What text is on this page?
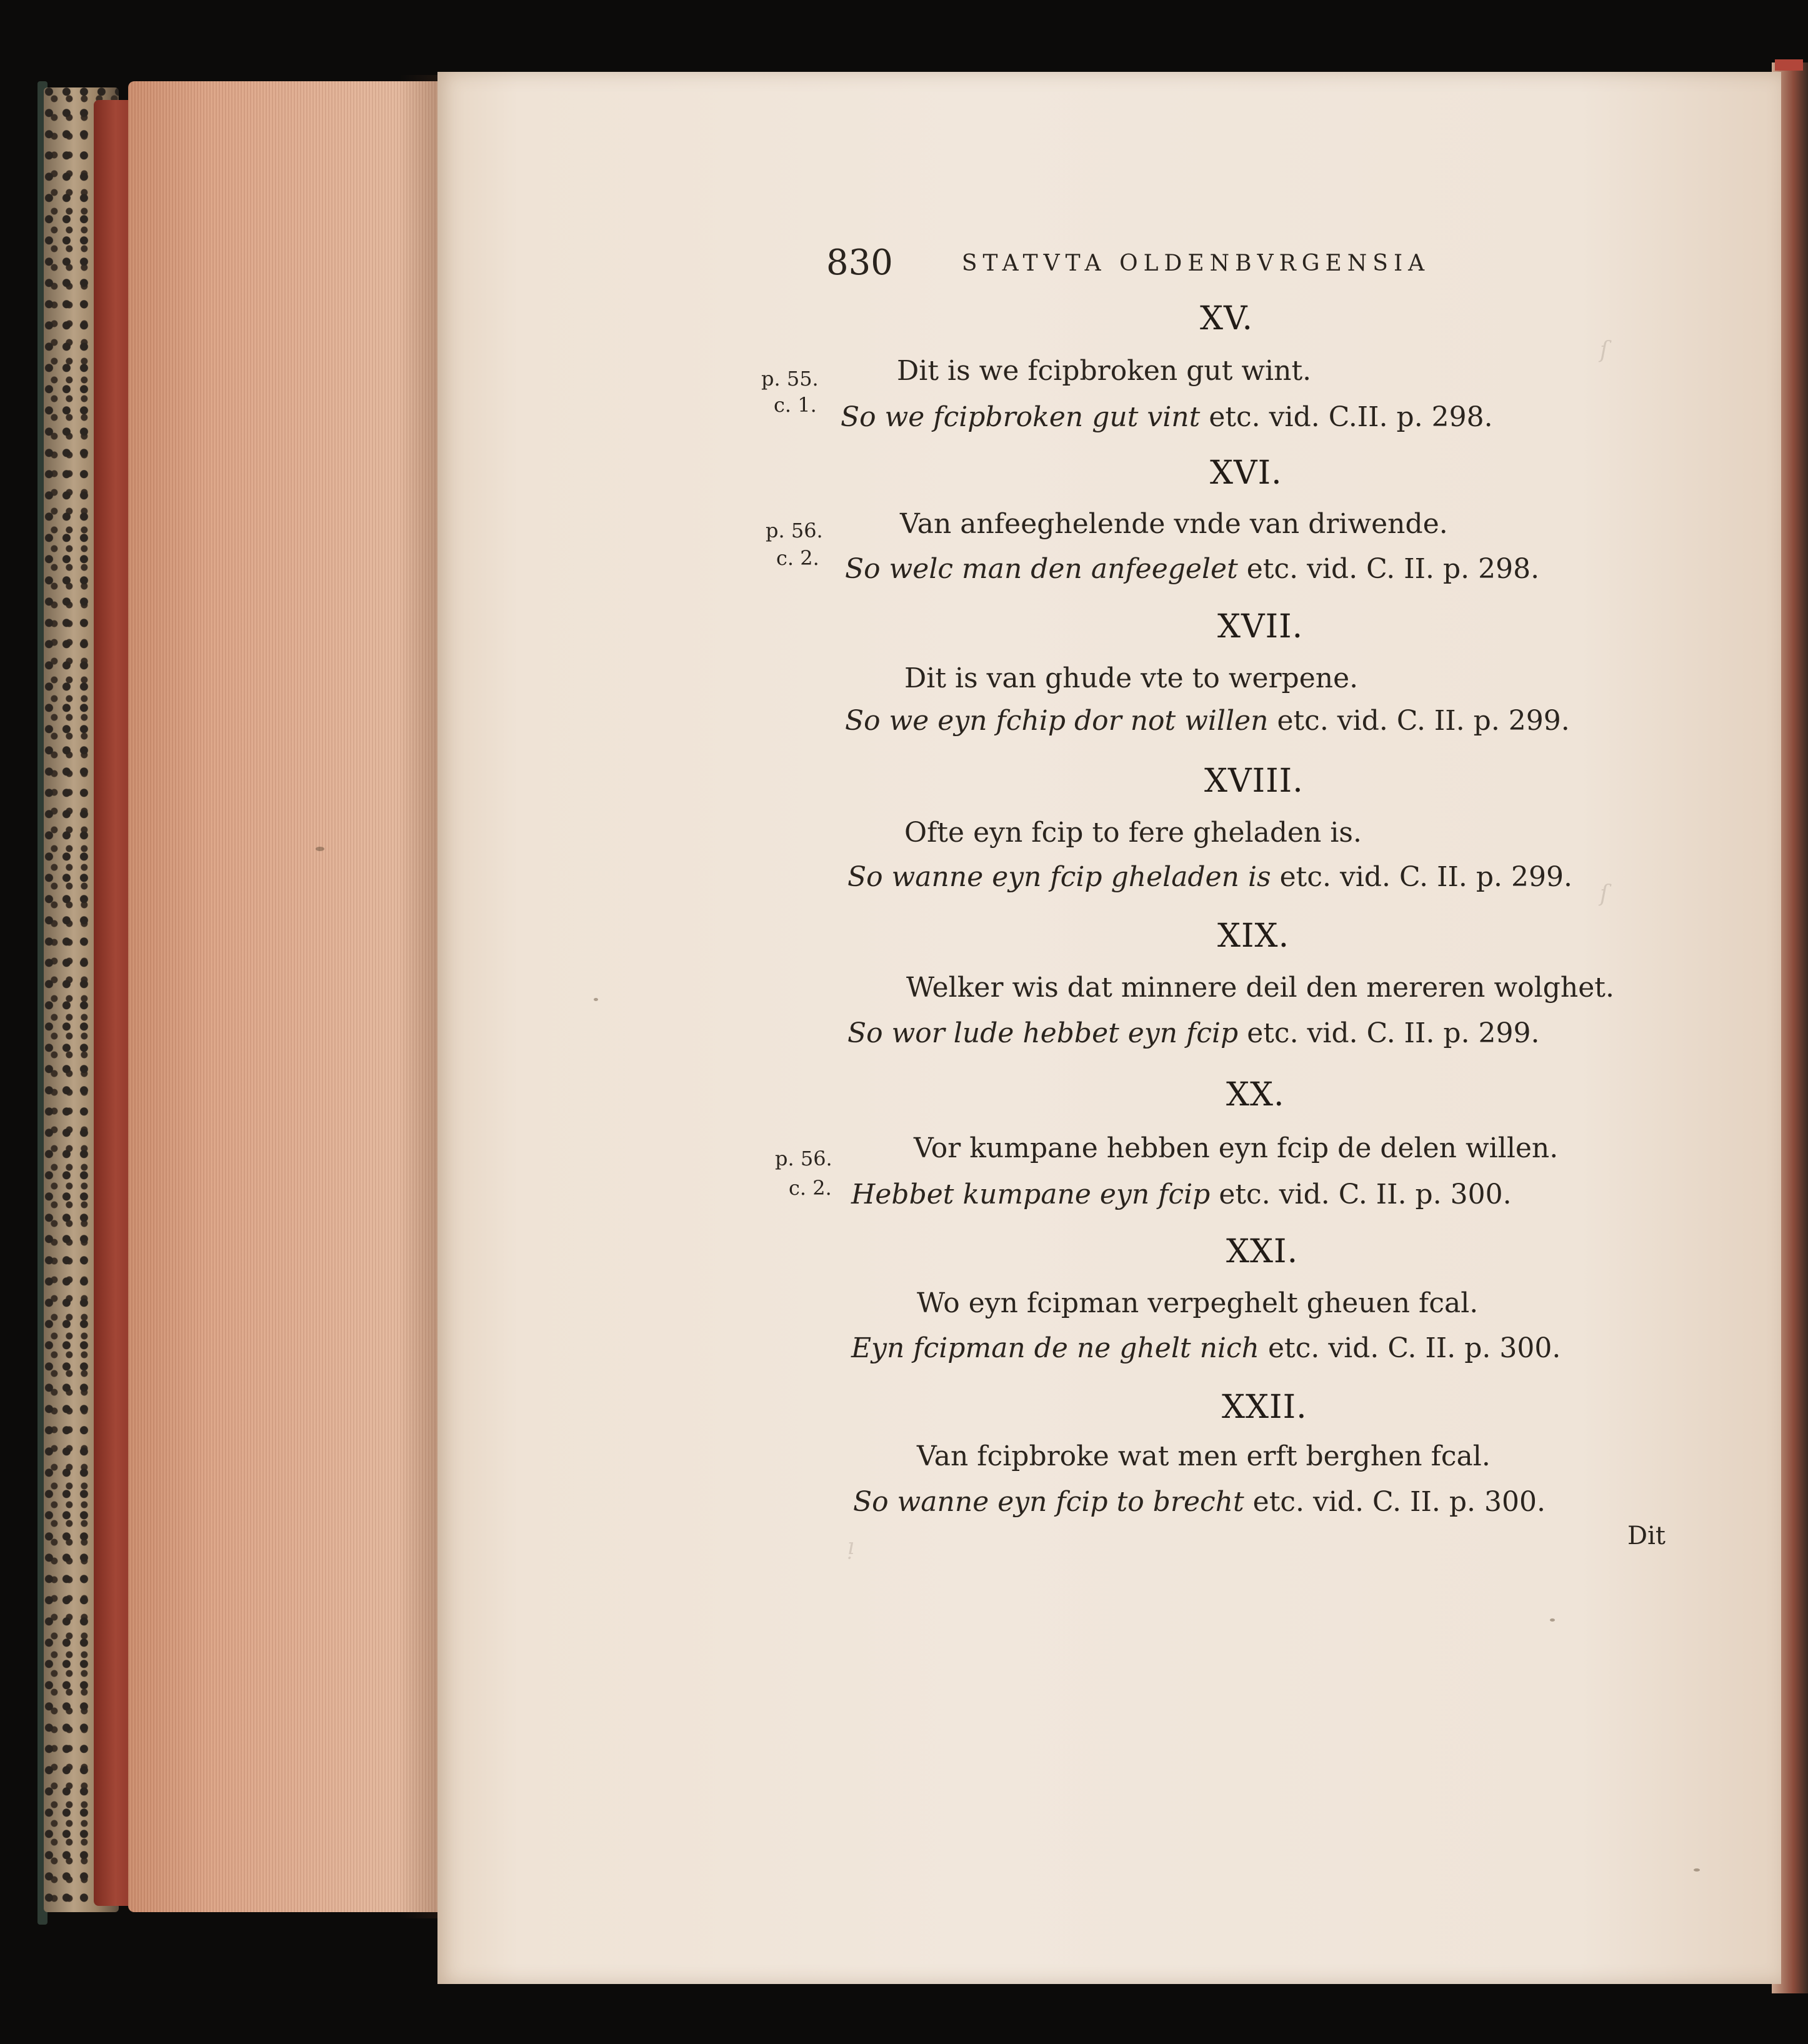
ſ
ſ
ᴉ
830	STATVTA OLDENBVRGENSIA
XV.
p. 55.
c. 1.
Dit is we fcipbroken gut wint.
So we fcipbroken gut vint etc. vid. C.II. p. 298.
XVI.
p. 56.
c. 2.
Van anfeeghelende vnde van driwende.
So welc man den anfeegelet etc. vid. C. II. p. 298.
XVII.
Dit is van ghude vte to werpene.
So we eyn fchip dor not willen etc. vid. C. II. p. 299.
XVIII.
Ofte eyn fcip to fere gheladen is.
So wanne eyn fcip gheladen is etc. vid. C. II. p. 299.
XIX.
Welker wis dat minnere deil den mereren wolghet.
So wor lude hebbet eyn fcip etc. vid. C. II. p. 299.
XX.
p. 56.
c. 2.
Vor kumpane hebben eyn fcip de delen willen.
Hebbet kumpane eyn fcip etc. vid. C. II. p. 300.
XXI.
Wo eyn fcipman verpeghelt gheuen fcal.
Eyn fcipman de ne ghelt nich etc. vid. C. II. p. 300.
XXII.
Van fcipbroke wat men erft berghen fcal.
So wanne eyn fcip to brecht etc. vid. C. II. p. 300.
Dit
